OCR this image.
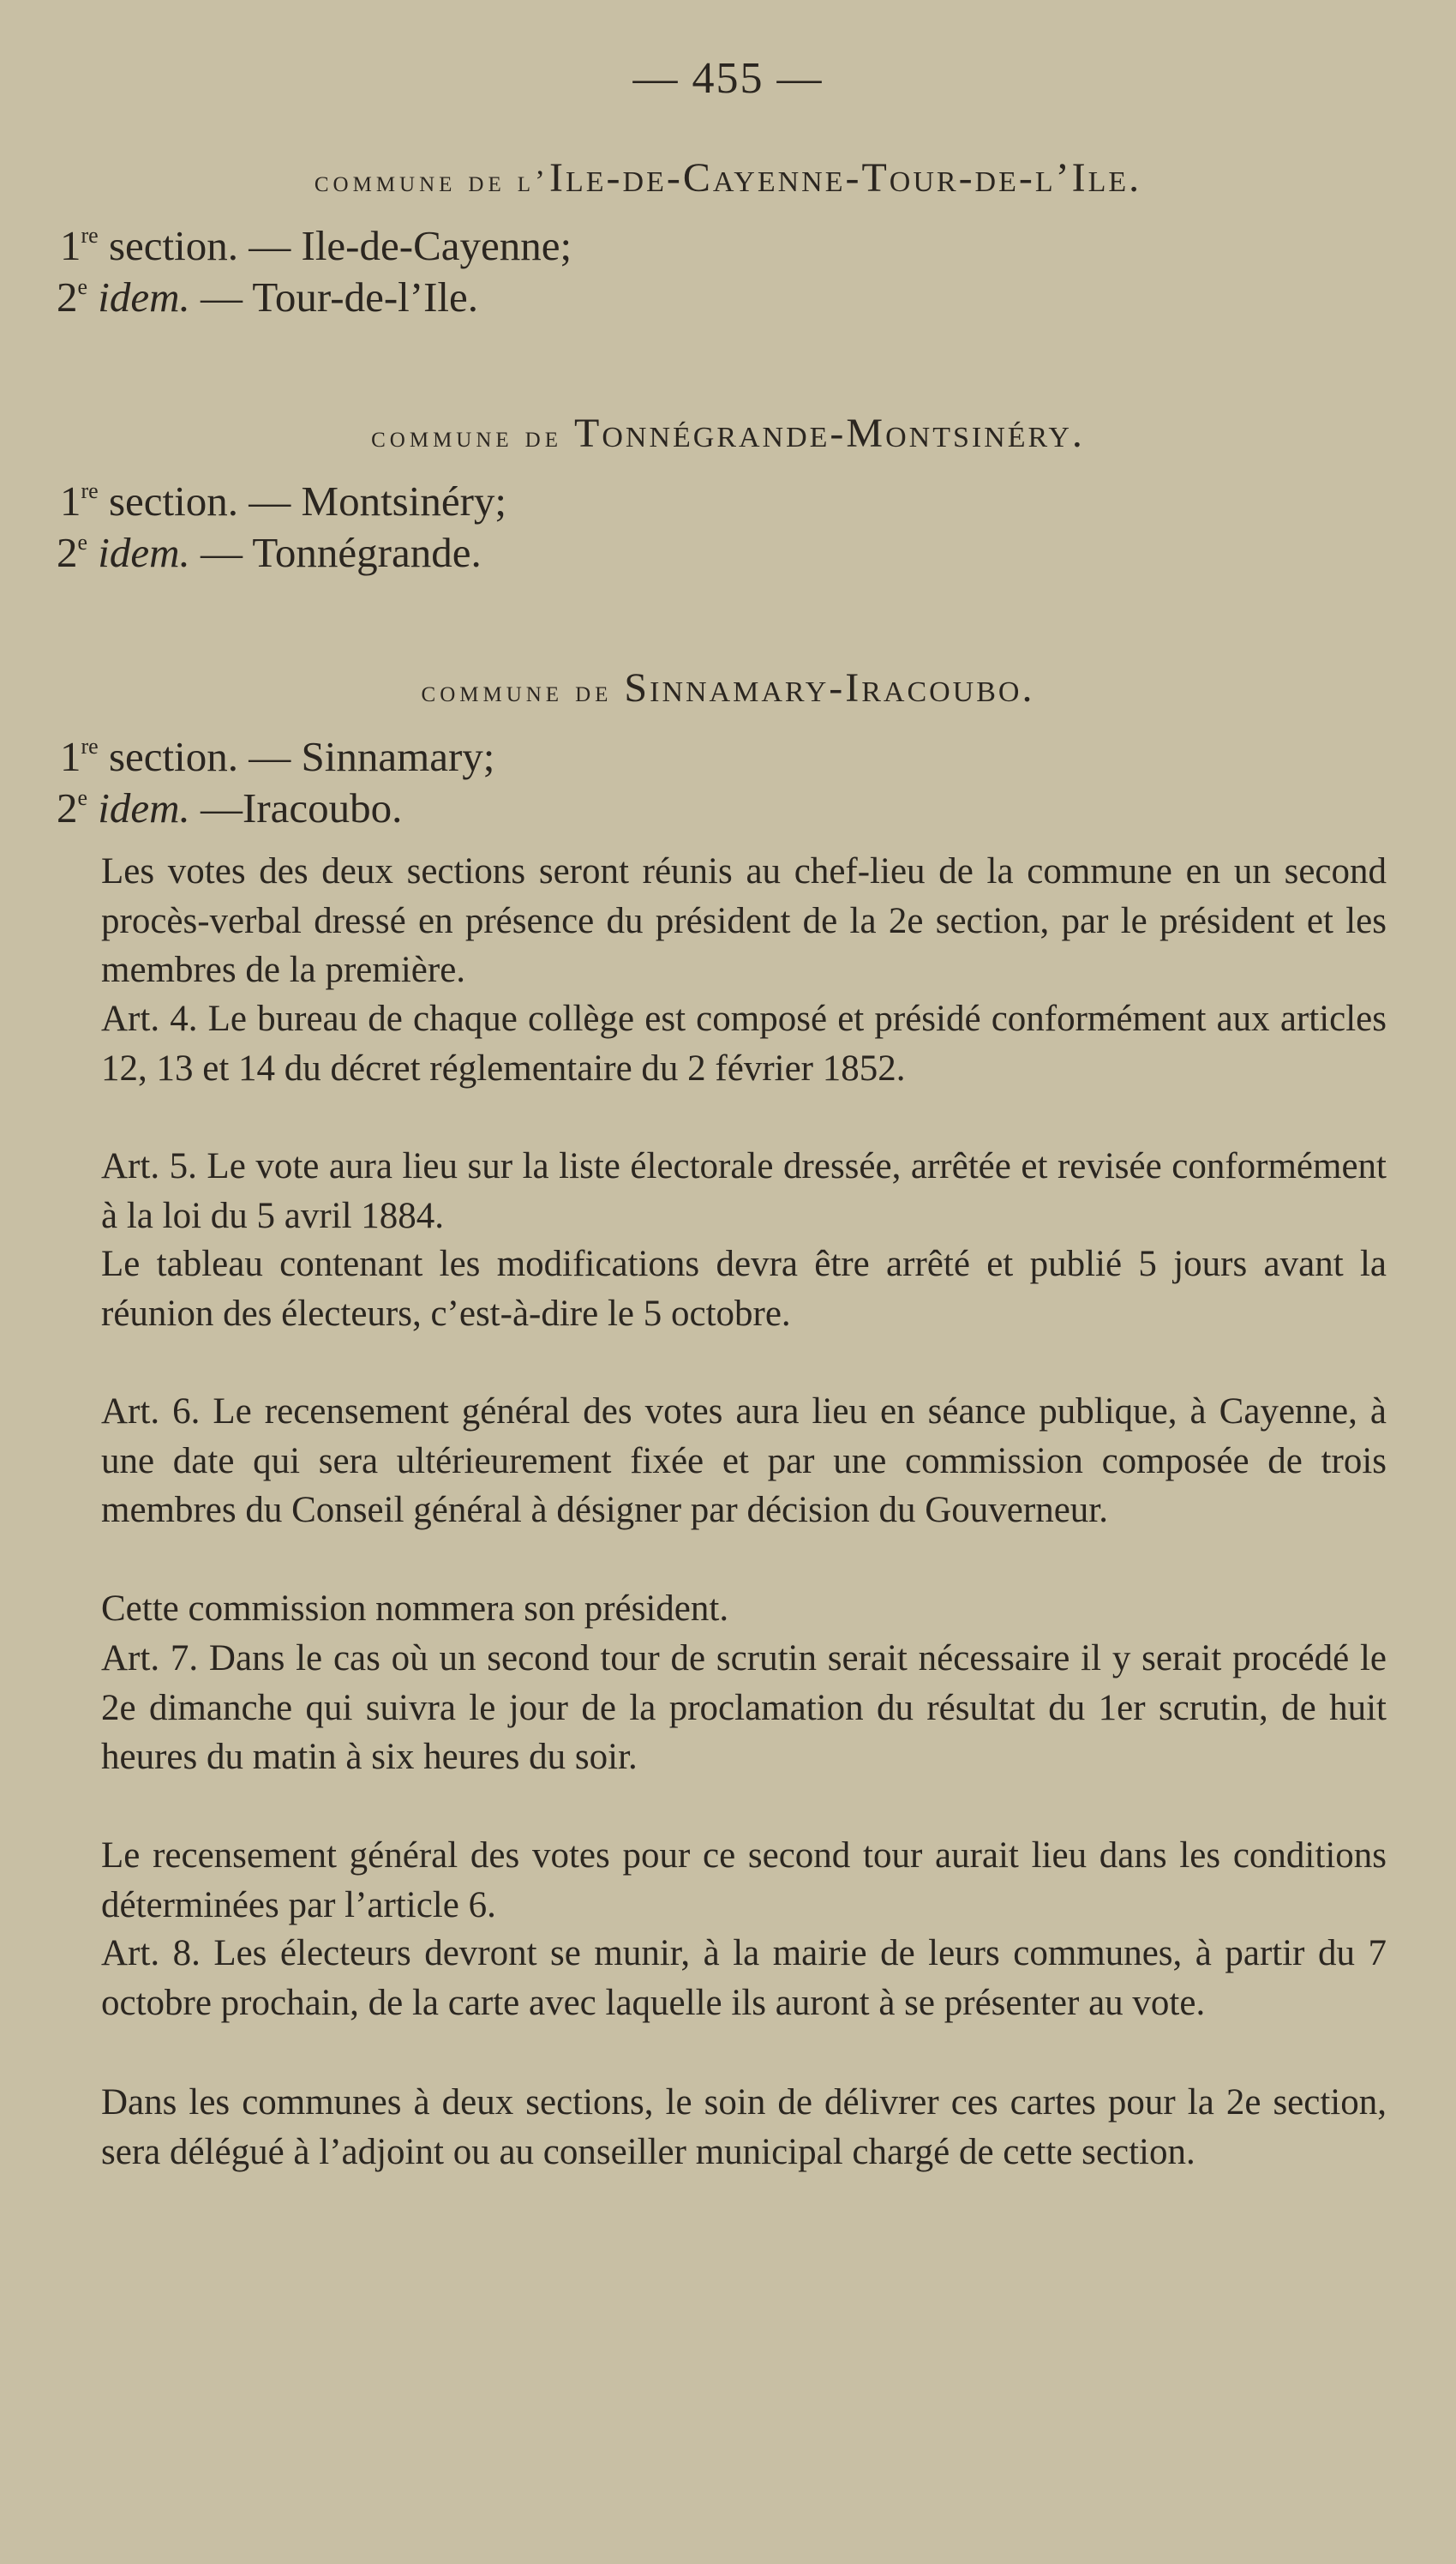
— 455 —
commune de l’Ile-de-Cayenne-Tour-de-l’Ile.
1re section. — Ile-de-Cayenne;
2e idem. — Tour-de-l’Ile.
commune de Tonnégrande-Montsinéry.
1re section. — Montsinéry;
2e idem. — Tonnégrande.
commune de Sinnamary-Iracoubo.
1re section. — Sinnamary;
2e idem. —Iracoubo.
Les votes des deux sections seront réunis au chef-lieu de la commune en un second procès-verbal dressé en présence du président de la 2e section, par le président et les membres de la première.
Art. 4. Le bureau de chaque collège est composé et présidé conformément aux articles 12, 13 et 14 du décret réglementaire du 2 février 1852.
Art. 5. Le vote aura lieu sur la liste électorale dressée, arrêtée et revisée conformément à la loi du 5 avril 1884.
Le tableau contenant les modifications devra être arrêté et publié 5 jours avant la réunion des électeurs, c’est-à-dire le 5 octobre.
Art. 6. Le recensement général des votes aura lieu en séance publique, à Cayenne, à une date qui sera ultérieurement fixée et par une commission composée de trois membres du Conseil général à désigner par décision du Gouverneur.
Cette commission nommera son président.
Art. 7. Dans le cas où un second tour de scrutin serait nécessaire il y serait procédé le 2e dimanche qui suivra le jour de la proclamation du résultat du 1er scrutin, de huit heures du matin à six heures du soir.
Le recensement général des votes pour ce second tour aurait lieu dans les conditions déterminées par l’article 6.
Art. 8. Les électeurs devront se munir, à la mairie de leurs communes, à partir du 7 octobre prochain, de la carte avec laquelle ils auront à se présenter au vote.
Dans les communes à deux sections, le soin de délivrer ces cartes pour la 2e section, sera délégué à l’adjoint ou au conseiller municipal chargé de cette section.
